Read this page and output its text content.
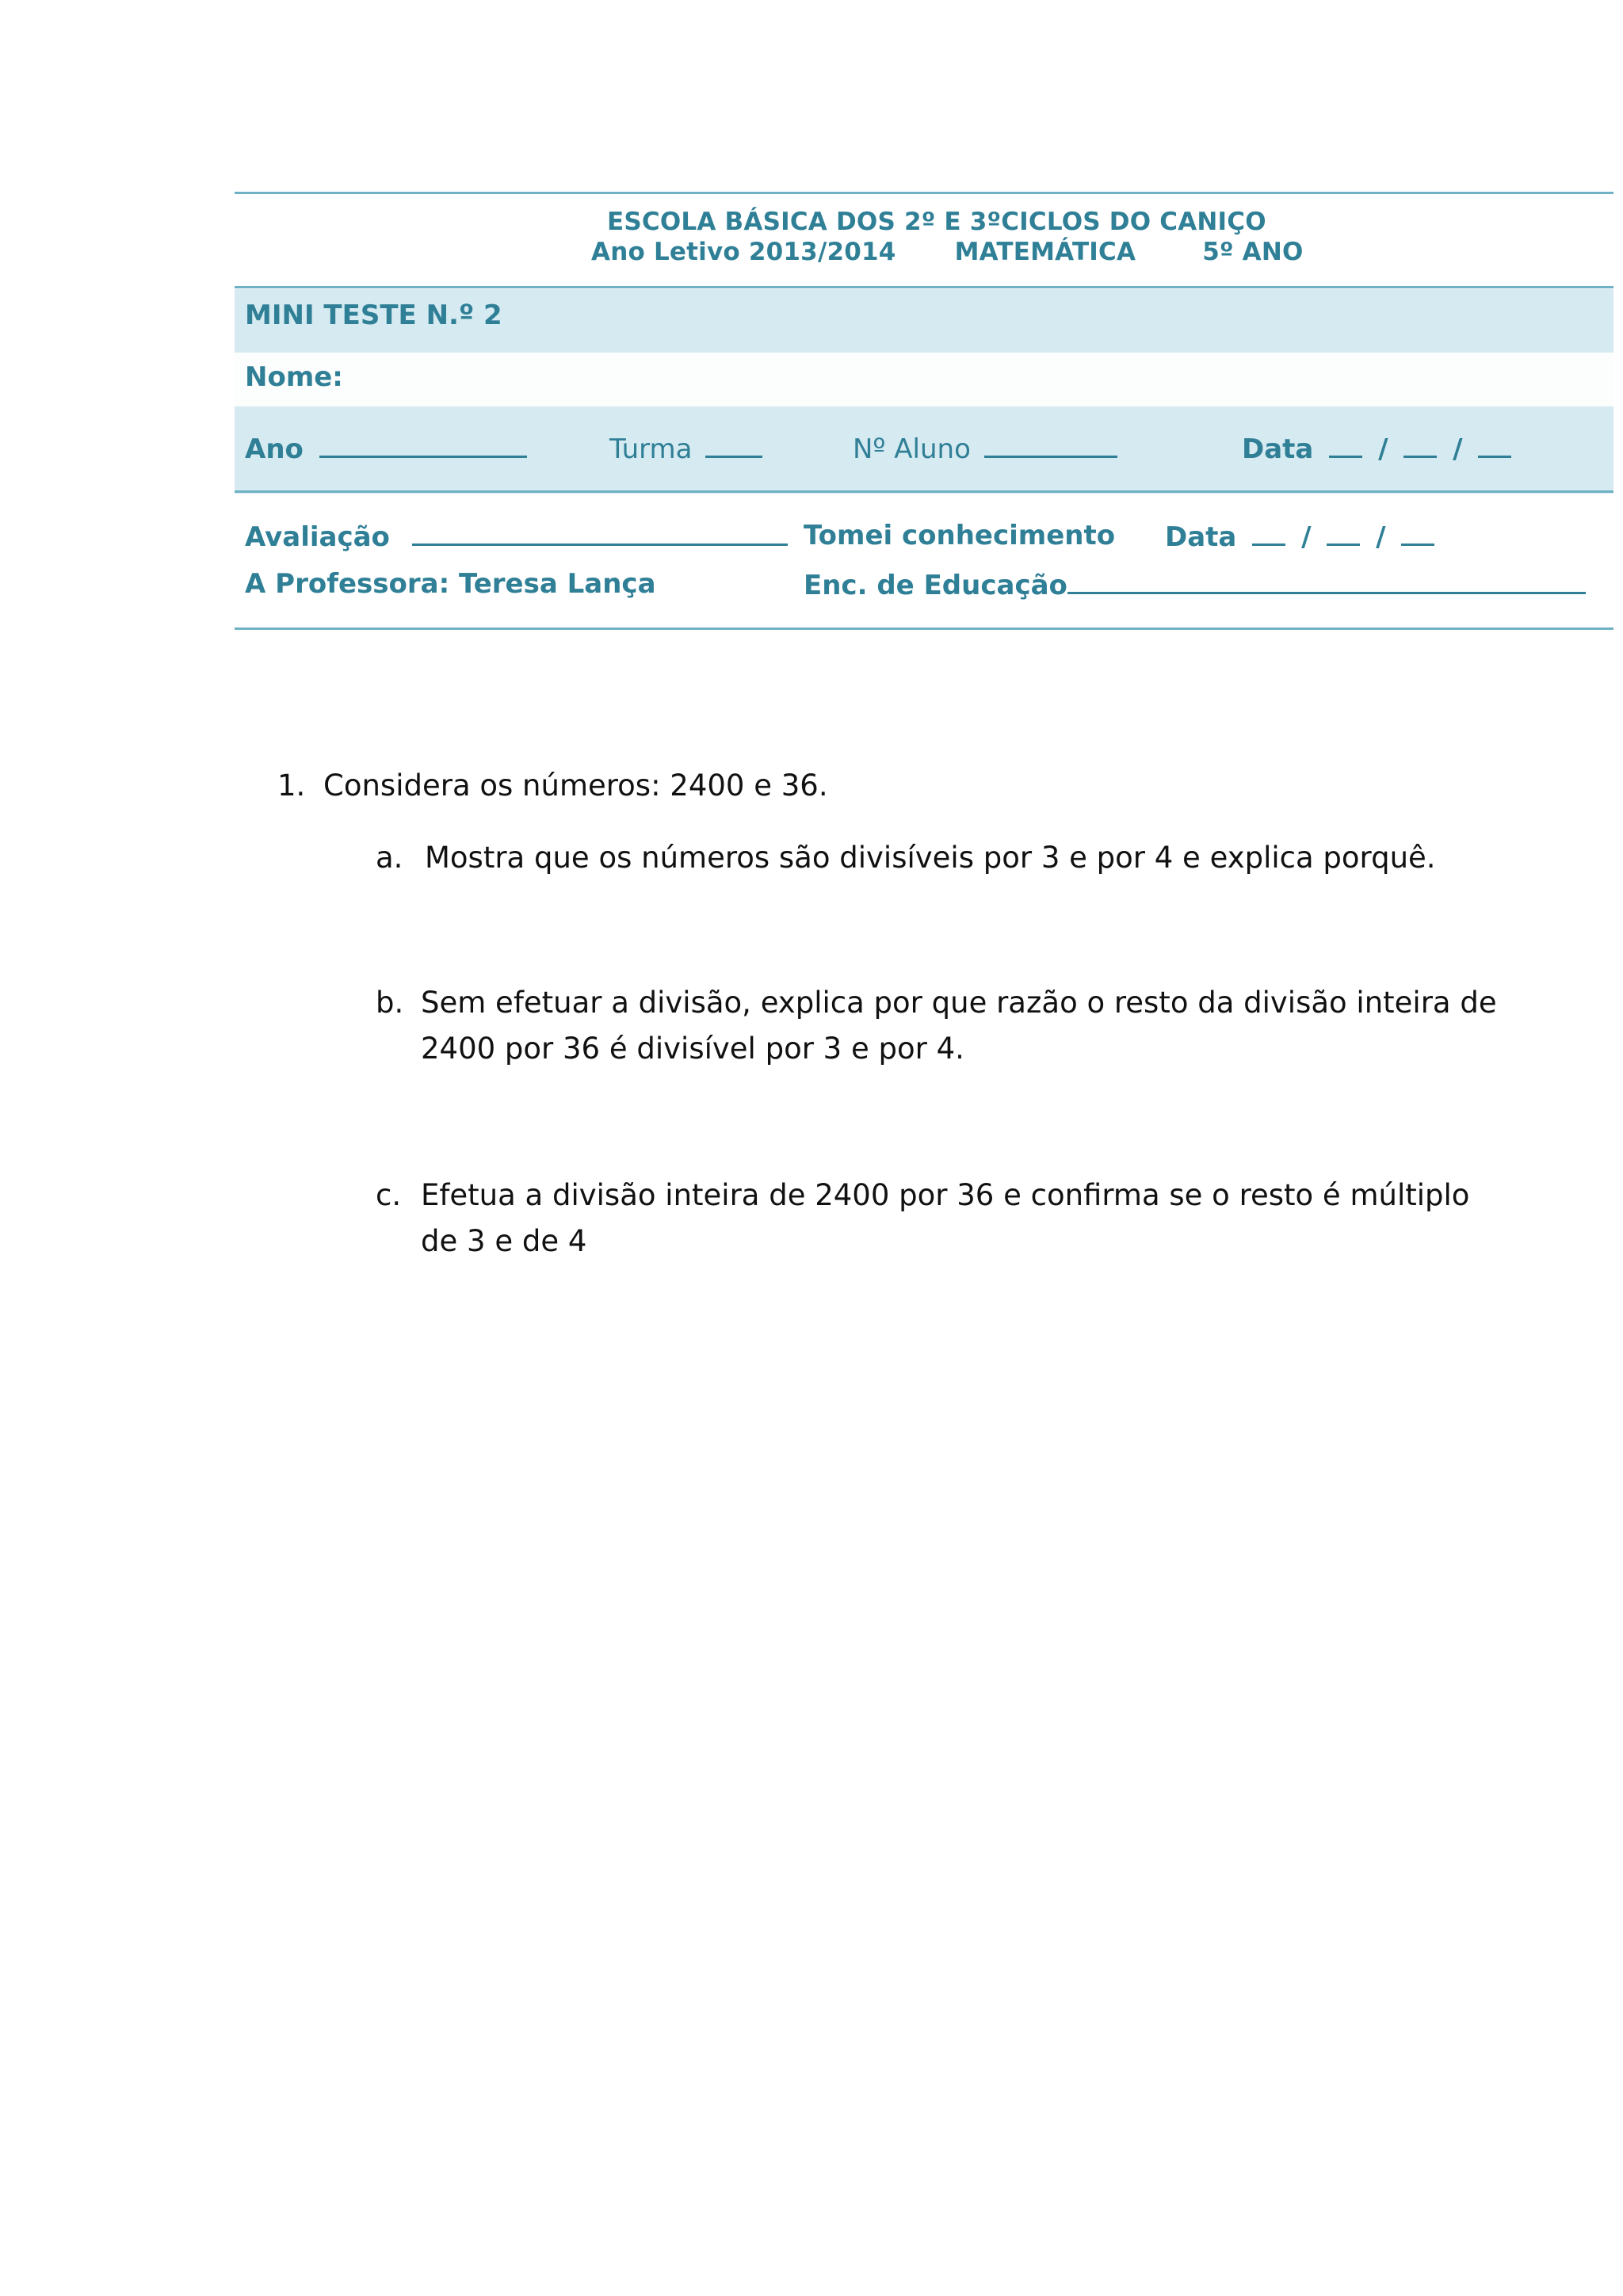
ESCOLA BÁSICA DOS 2º E 3ºCICLOS DO CANIÇO
Ano Letivo 2013/2014 MATEMÁTICA	5º ANO
MINI TESTE N.º 2
Nome:
Ano	Turma	Nº Aluno	Data / /
Avaliação	Tomei conhecimento Data / /
A Professora: Teresa Lança	Enc. de Educação
1. Considera os números: 2400 e 36.
a. Mostra que os números são divisíveis por 3 e por 4 e explica porquê.
b. Sem efetuar a divisão, explica por que razão o resto da divisão inteira de
2400 por 36 é divisível por 3 e por 4.
c. Efetua a divisão inteira de 2400 por 36 e confirma se o resto é múltiplo
de 3 e de 4
